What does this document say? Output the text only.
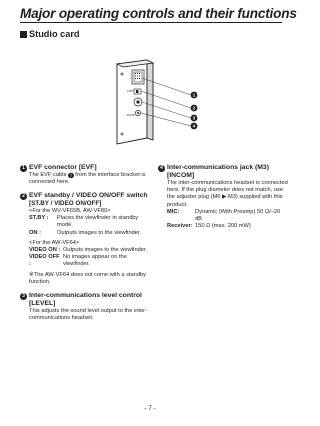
Major operating controls and their functions
Studio card
ST.BY
INCOM
1
2
3
4
1 EVF connector [EVF]
The EVF cable 7 from the interface bracket is connected here.
2 EVF standby / VIDEO ON/OFF switch
[ST.BY / VIDEO ON/OFF]
<For the WV-VF65B, AW-VF80>
ST.BY :	Places the viewfinder in standby mode.
ON :	Outputs images to the viewfinder.
<For the AW-VF64>
VIDEO ON : Outputs images to the viewfinder.
VIDEO OFF :
No images appear on the viewfinder.
※The AW-VF64 does not come with a standby function.
3 Inter-communications level control [LEVEL]
This adjusts the sound level output to the inter-communications headset.
4 Inter-communications jack (M3) [INCOM]
The inter-communications headset is connected here. If the plug diameter does not match, use the adjuster plug (M6 ▶ M3) supplied with this product.
MIC:	Dynamic (With Preamp) 50 Ω/–20 dB
Receiver: 150 Ω (max. 200 mW)
- 7 -
